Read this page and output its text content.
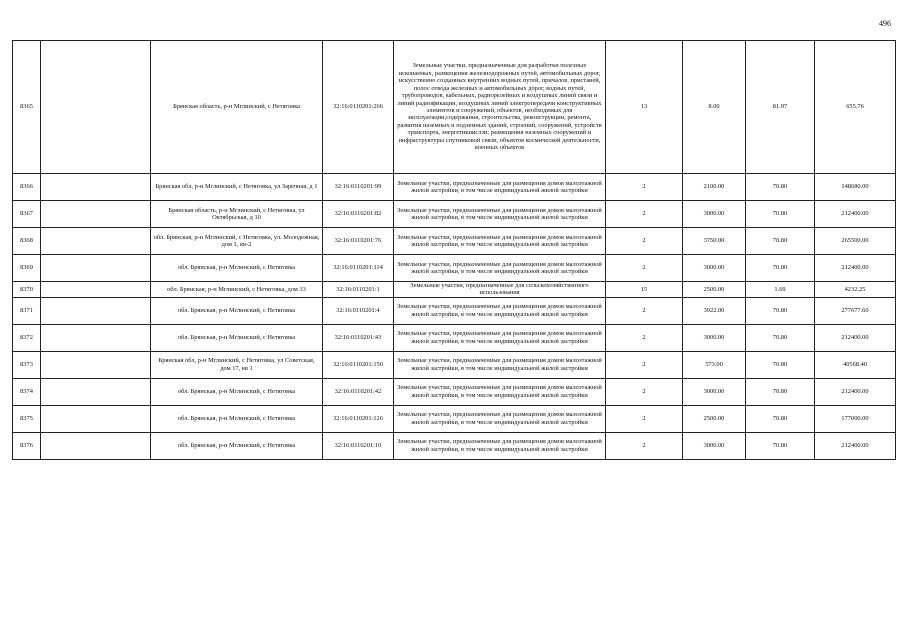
496
8365		Брянская область, р-н Мглинский, с Нетяговка	32:16:0110201:266	Земельные участки, предназначенные для разработки полезных ископаемых, размещения железнодорожных путей, автомобильных дорог, искусственно созданных внутренних водных путей, причалов, пристаней, полос отвода железных и автомобильных дорог, водных путей, трубопроводов, кабельных, радиорелейных и воздушных линий связи и линий радиофикации, воздушных линий электропередачи конструктивных элементов и сооружений, объектов, необходимых для эксплуатации,содержания, строительства, реконструкции, ремонта, развития наземных и подземных зданий, строений, сооружений, устройств транспорта, энергетикиислзи; размещения наземных сооружений и инфраструктуры спутниковой связи, объектов космической деятельности, военных объектов	13	8.00	81.97	655.76
8366		Брянская обл, р-н Мглинский, с Нетяговка, ул Заречная, д 1	32:16:0110201:99	Земельные участки, предназначенные для размещения домов малоэтажной жилой застройки, в том числе индивидуальной жилой застройки	2	2100.00	70.80	148680.00
8367		Брянская область, р-н Мглинский, с Нетяговка, ул Октябрьская, д 10	32:16:0110201:82	Земельные участки, предназначенные для размещения домов малоэтажной жилой застройки, в том числе индивидуальной жилой застройки	2	3000.00	70.80	212400.00
8368		обл. Брянская, р-н Мглинский, с Нетяговка, ул. Молодежная, дом 1, кв-2	32:16:0110201:76	Земельные участки, предназначенные для размещения домов малоэтажной жилой застройки, в том числе индивидуальной жилой застройки	2	3750.00	70.80	265500.00
8369		обл. Брянская, р-н Мглинский, с Нетяговка	32:16:0110201:114	Земельные участки, предназначенные для размещения домов малоэтажной жилой застройки, в том числе индивидуальной жилой застройки	2	3000.00	70.80	212400.00
8370		обл. Брянская, р-н Мглинский, с Нетяговка, дом 33	32:16:0110201:1	Земельные участки, предназначенные для сельскохозяйственного использования	15	2500.00	1.69	4232.25
8371		обл. Брянская, р-н Мглинский, с Нетяговка	32:16:0110201:4	Земельные участки, предназначенные для размещения домов малоэтажной жилой застройки, в том числе индивидуальной жилой застройки	2	3922.00	70.80	277677.60
8372		обл. Брянская, р-н Мглинский, с Нетяговка	32:16:0110201:43	Земельные участки, предназначенные для размещения домов малоэтажной жилой застройки, в том числе индивидуальной жилой застройки	2	3000.00	70.80	212400.00
8373		Брянская обл, р-н Мглинский, с Нетяговка, ул Советская, дом 17, кв 1	32:16:0110201:150	Земельные участки, предназначенные для размещения домов малоэтажной жилой застройки, в том числе индивидуальной жилой застройки	2	573.00	70.80	40568.40
8374		обл. Брянская, р-н Мглинский, с Нетяговка	32:16:0110201:42	Земельные участки, предназначенные для размещения домов малоэтажной жилой застройки, в том числе индивидуальной жилой застройки	2	3000.00	70.80	212400.00
8375		обл. Брянская, р-н Мглинский, с Нетяговка	32:16:0110201:126	Земельные участки, предназначенные для размещения домов малоэтажной жилой застройки, в том числе индивидуальной жилой застройки	2	2500.00	70.80	177000.00
8376		обл. Брянская, р-н Мглинский, с Нетяговка	32:16:0110201:10	Земельные участки, предназначенные для размещения домов малоэтажной жилой застройки, в том числе индивидуальной жилой застройки	2	3000.00	70.80	212400.00
